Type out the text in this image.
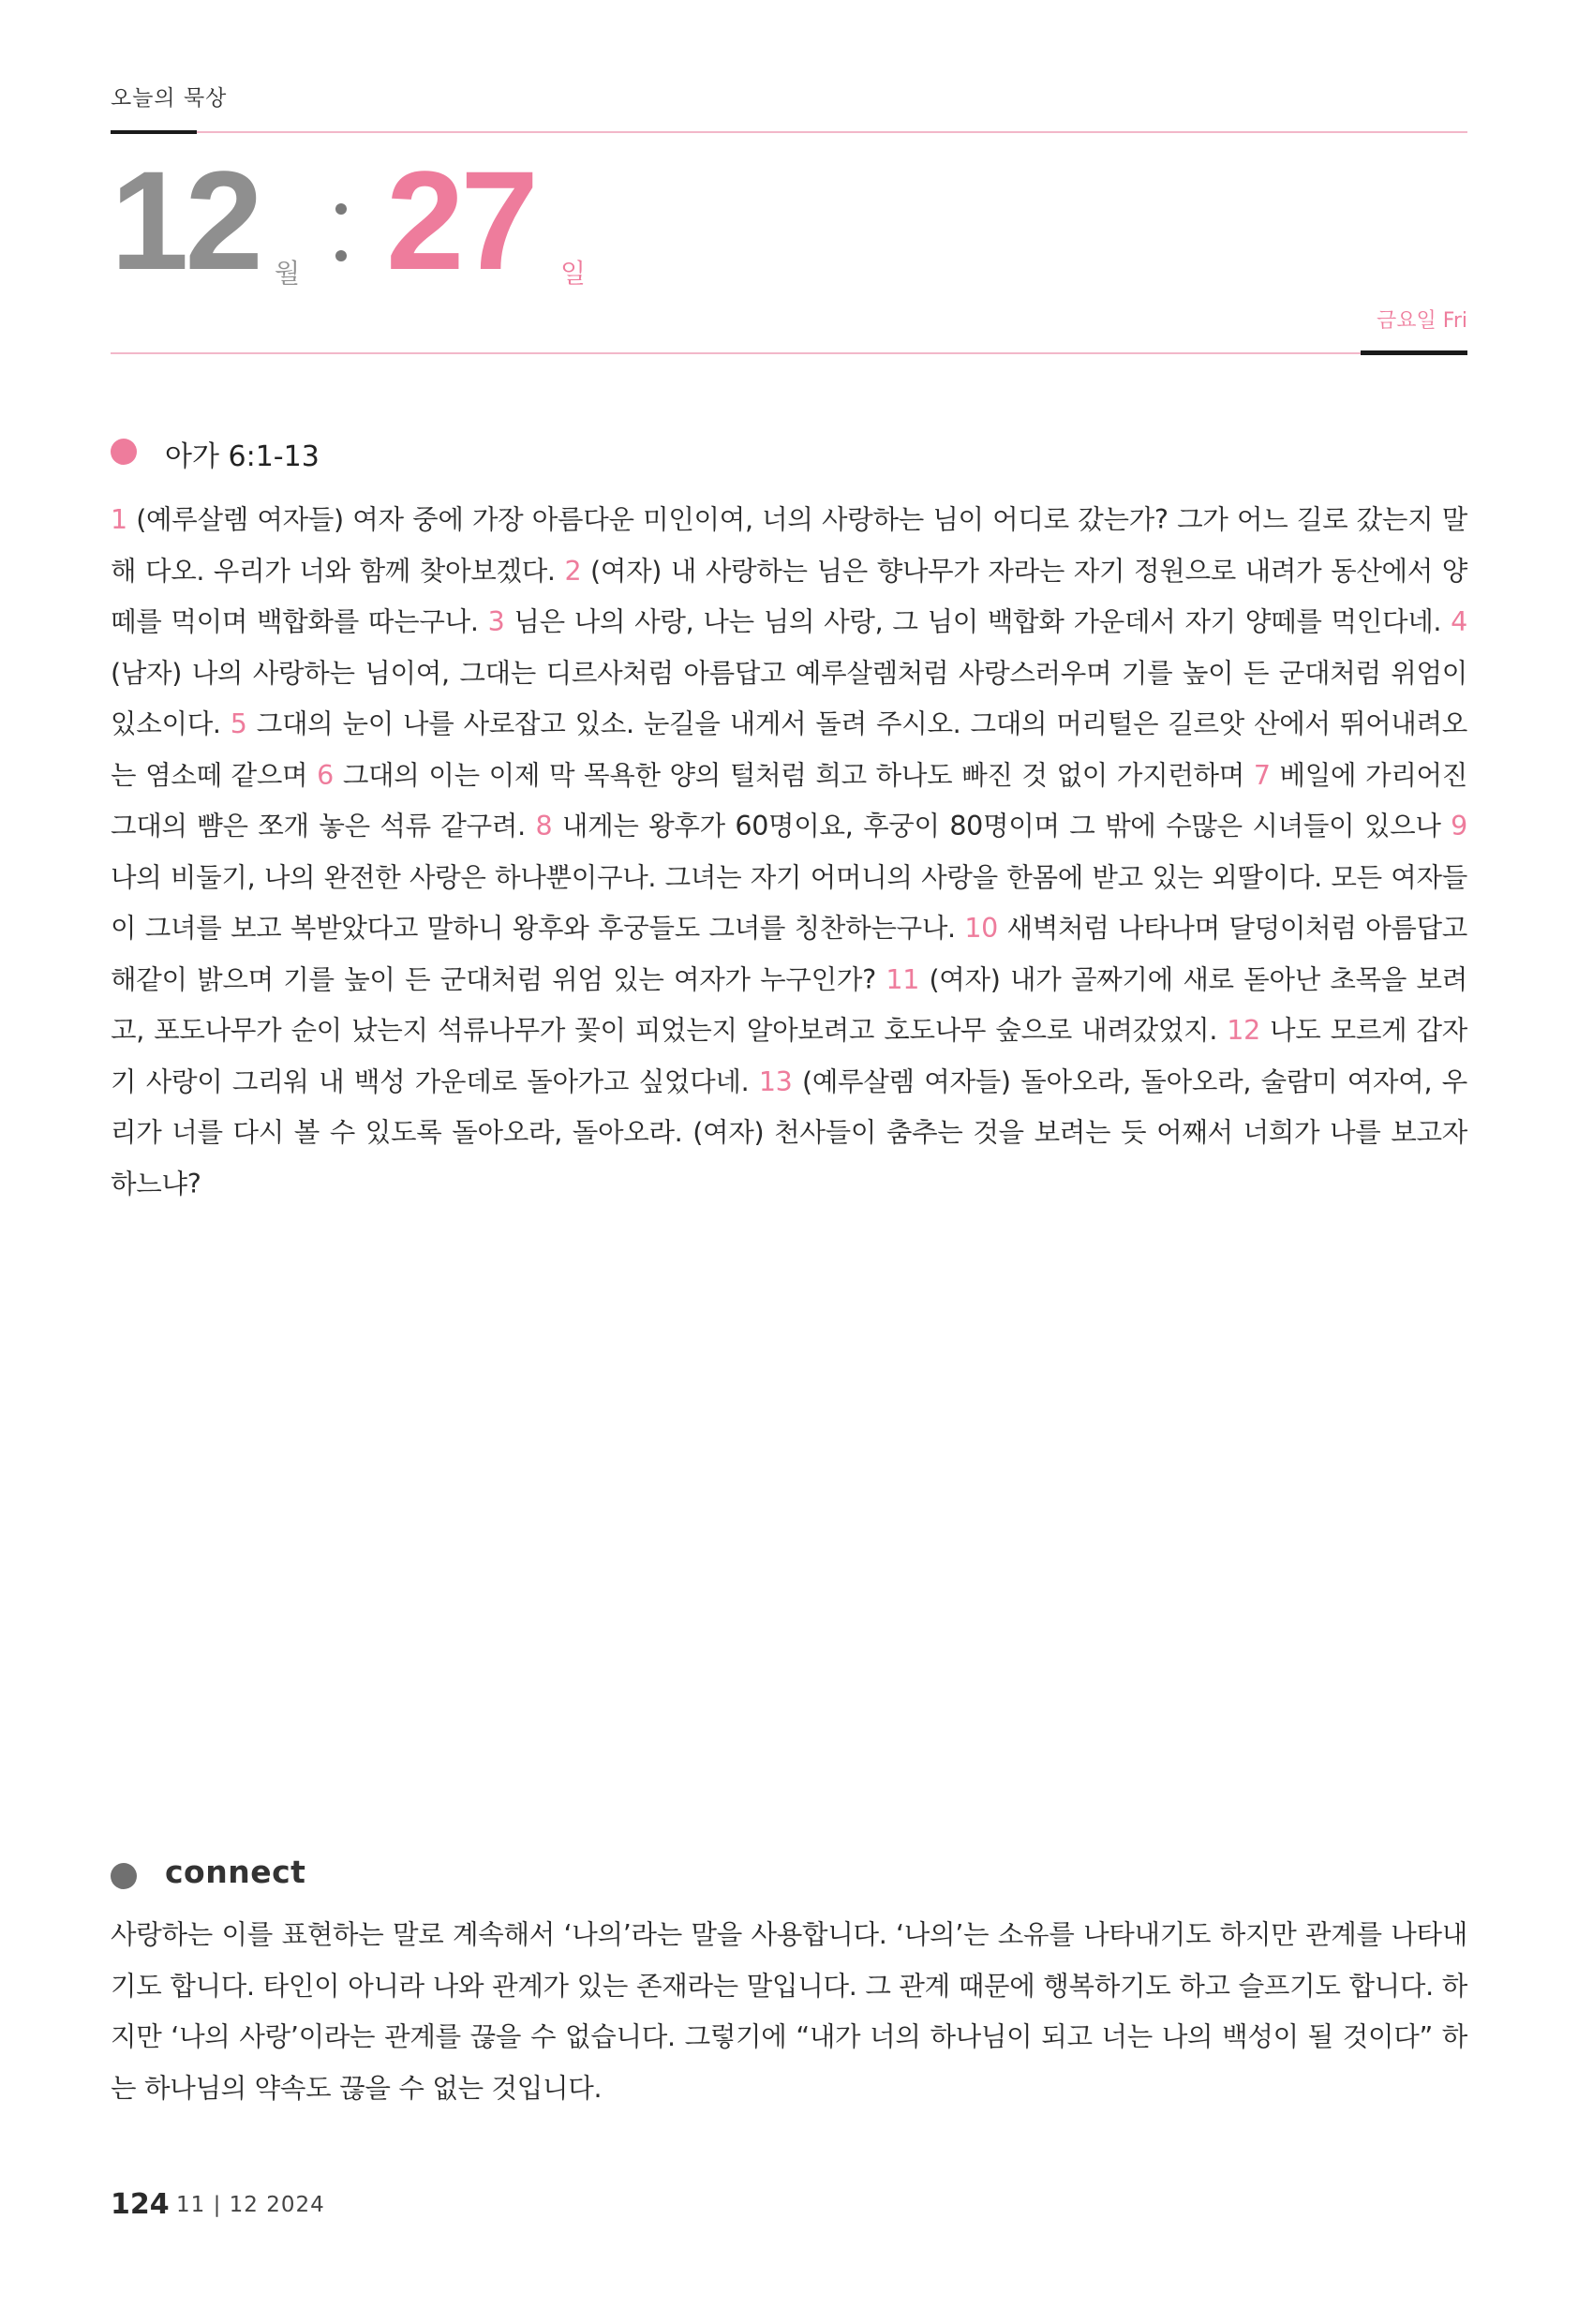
오늘의 묵상
12 월 27 일
금요일 Fri
아가 6:1-13
1 (예루살렘 여자들) 여자 중에 가장 아름다운 미인이여, 너의 사랑하는 님이 어디로 갔는가? 그가 어느 길로 갔는지 말해 다오. 우리가 너와 함께 찾아보겠다. 2 (여자) 내 사랑하는 님은 향나무가 자라는 자기 정원으로 내려가 동산에서 양떼를 먹이며 백합화를 따는구나. 3 님은 나의 사랑, 나는 님의 사랑, 그 님이 백합화 가운데서 자기 양떼를 먹인다네. 4 (남자) 나의 사랑하는 님이여, 그대는 디르사처럼 아름답고 예루살렘처럼 사랑스러우며 기를 높이 든 군대처럼 위엄이 있소이다. 5 그대의 눈이 나를 사로잡고 있소. 눈길을 내게서 돌려 주시오. 그대의 머리털은 길르앗 산에서 뛰어내려오는 염소떼 같으며 6 그대의 이는 이제 막 목욕한 양의 털처럼 희고 하나도 빠진 것 없이 가지런하며 7 베일에 가리어진 그대의 뺨은 쪼개 놓은 석류 같구려. 8 내게는 왕후가 60명이요, 후궁이 80명이며 그 밖에 수많은 시녀들이 있으나 9 나의 비둘기, 나의 완전한 사랑은 하나뿐이구나. 그녀는 자기 어머니의 사랑을 한몸에 받고 있는 외딸이다. 모든 여자들이 그녀를 보고 복받았다고 말하니 왕후와 후궁들도 그녀를 칭찬하는구나. 10 새벽처럼 나타나며 달덩이처럼 아름답고 해같이 밝으며 기를 높이 든 군대처럼 위엄 있는 여자가 누구인가? 11 (여자) 내가 골짜기에 새로 돋아난 초목을 보려고, 포도나무가 순이 났는지 석류나무가 꽃이 피었는지 알아보려고 호도나무 숲으로 내려갔었지. 12 나도 모르게 갑자기 사랑이 그리워 내 백성 가운데로 돌아가고 싶었다네. 13 (예루살렘 여자들) 돌아오라, 돌아오라, 술람미 여자여, 우리가 너를 다시 볼 수 있도록 돌아오라, 돌아오라. (여자) 천사들이 춤추는 것을 보려는 듯 어째서 너희가 나를 보고자 하느냐?
connect
사랑하는 이를 표현하는 말로 계속해서 ‘나의’라는 말을 사용합니다. ‘나의’는 소유를 나타내기도 하지만 관계를 나타내기도 합니다. 타인이 아니라 나와 관계가 있는 존재라는 말입니다. 그 관계 때문에 행복하기도 하고 슬프기도 합니다. 하지만 ‘나의 사랑’이라는 관계를 끊을 수 없습니다. 그렇기에 “내가 너의 하나님이 되고 너는 나의 백성이 될 것이다” 하는 하나님의 약속도 끊을 수 없는 것입니다.
124 11 | 12 2024
